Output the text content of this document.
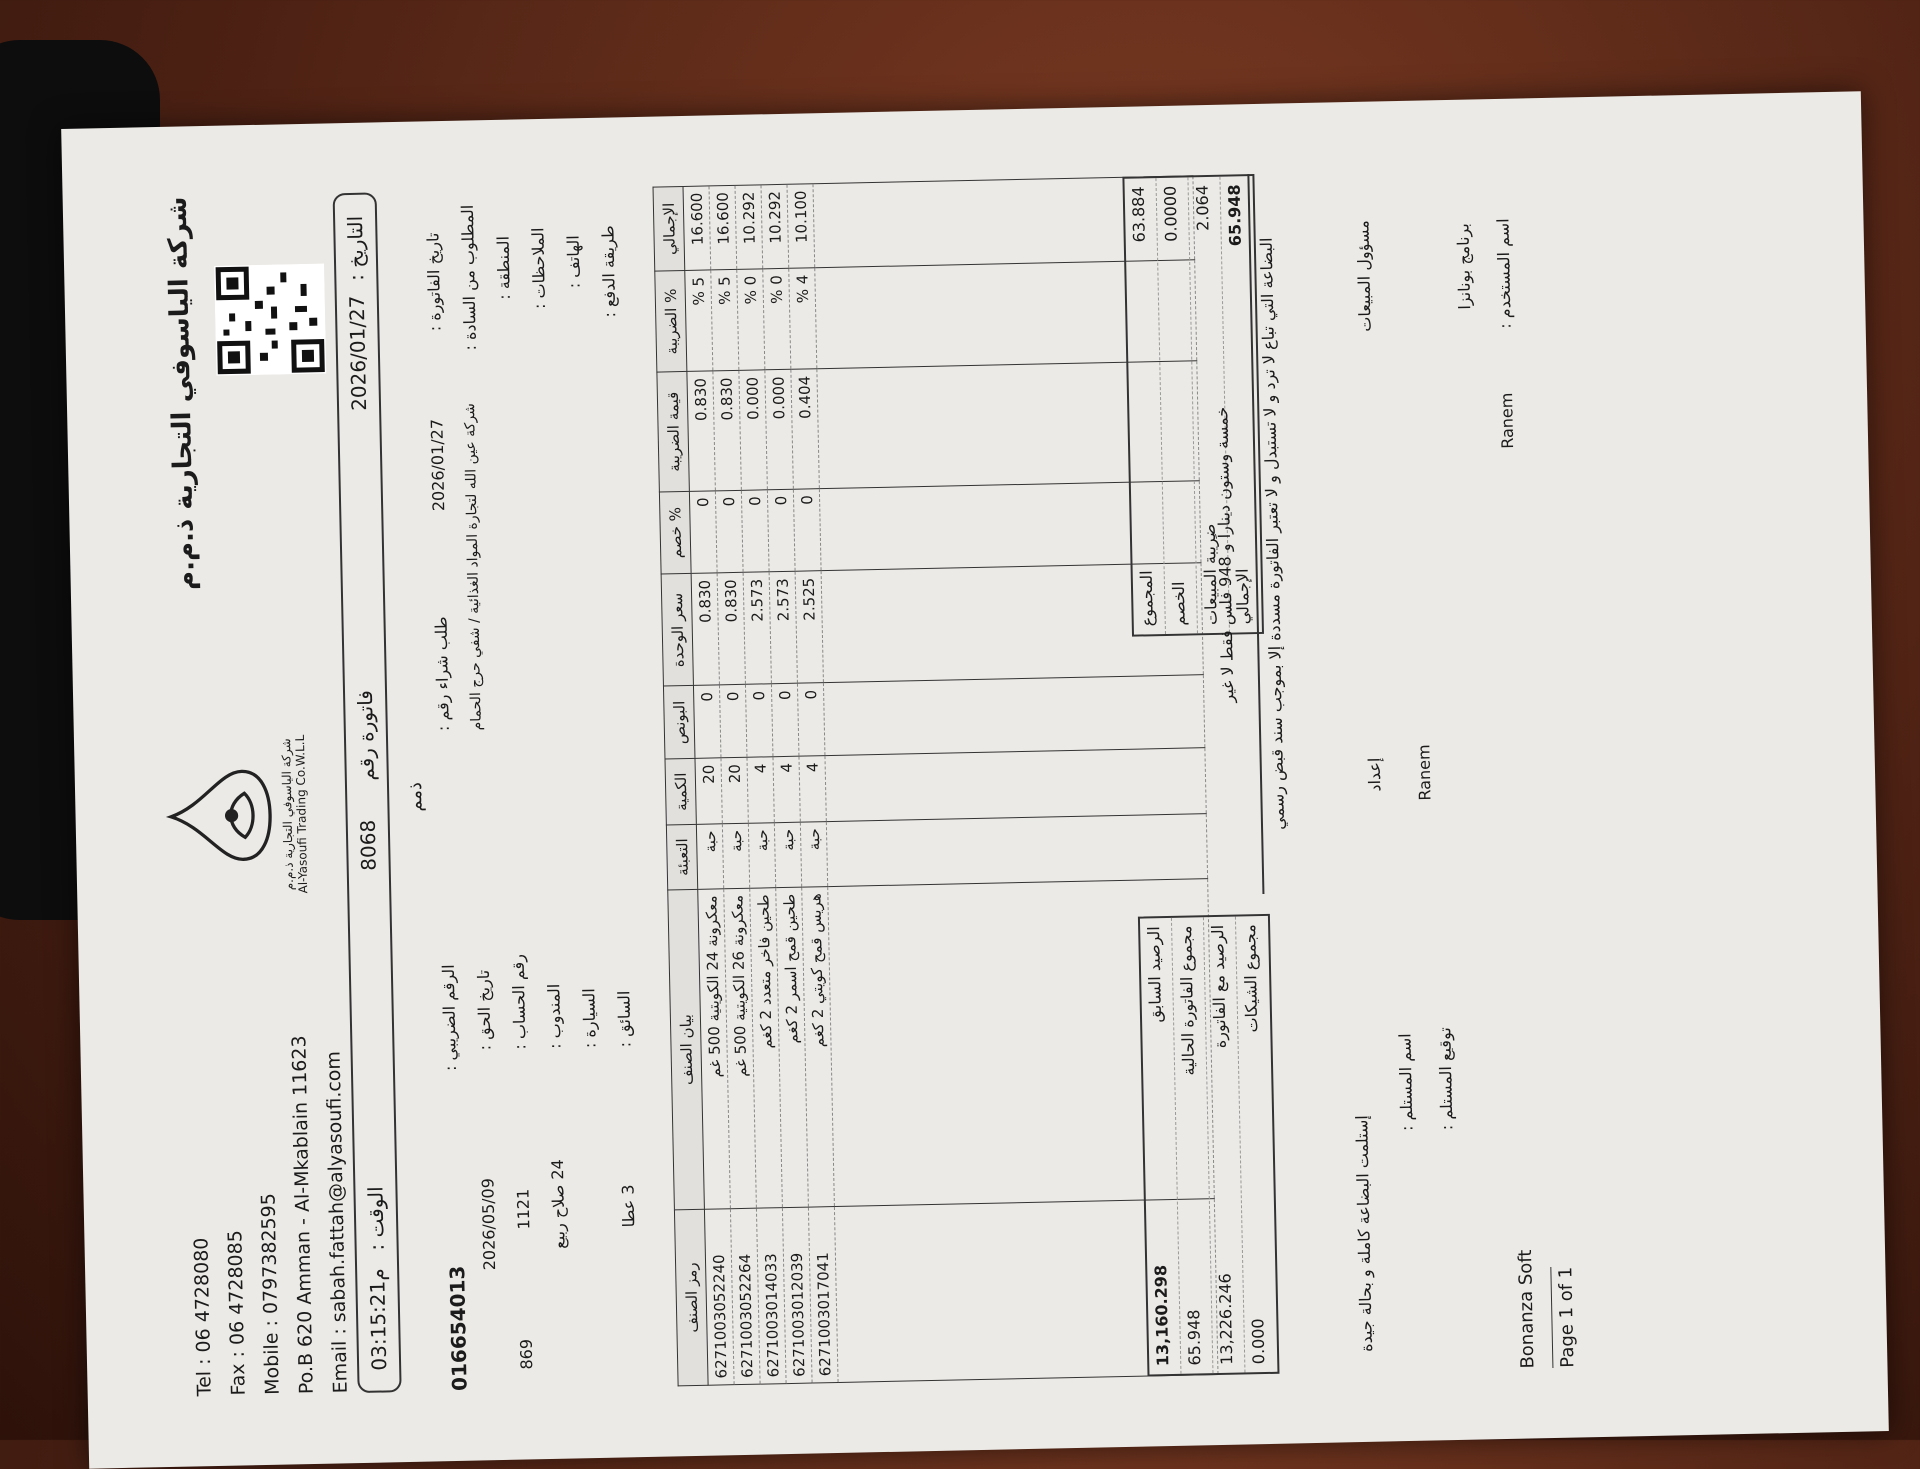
Tel : 06 4728080 Fax : 06 4728085 Mobile : 0797382595 Po.B 620 Amman - Al-Mkablain 11623 Email : sabah.fattah@alyasoufi.com
شركة الياسوفي التجارية ذ.م.م
Al-Yasoufi Trading Co.W.L.L
شركة الياسوفي التجارية ذ.م.م
03:15:21م
الوقت :
8068
فاتورة رقم
2026/01/27
التاريخ :
ذمم
016654013
الرقم الضريبي :
2026/05/09
تاريخ الحق :
869
1121
رقم الحساب :
24 صلاح ربيع
المندوب : السيارة :
3 عطا
السائق :
طلب شراء رقم :
2026/01/27
تاريخ الفاتورة :
شركة عين الله لتجارة المواد الغذائية / شفي حرج الحمام
المطلوب من السادة : المنطقة : الملاحظات : الهاتف : طريقة الدفع :
رمز الصنف	بيان الصنف	التعبئة	الكمية	البونص	سعر الوحدة	خصم %	قيمة الضريبة	الضريبة %	الإجمالي
6271003052240	معكرونة 24 الكويتية 500 غم	حبة	20	0	0.830	0	0.830	% 5	16.600
6271003052264	معكرونة 26 الكويتية 500 غم	حبة	20	0	0.830	0	0.830	% 5	16.600
6271003014033	طحين فاخر متعدد 2 كغم	حبة	4	0	2.573	0	0.000	% 0	10.292
6271003012039	طحين قمح اسمر 2 كغم	حبة	4	0	2.573	0	0.000	% 0	10.292
6271003017041	هريس قمح كويتي 2 كغم	حبة	4	0	2.525	0	0.404	% 4	10.100

13,160.298
الرصيد السابق
65.948
مجموع الفاتورة الحالية
13,226.246
الرصيد مع الفاتورة
0.000
مجموع الشيكات
المجموع
63.884
الخصم
0.0000
ضريبة المبيعات
2.064
الإجمالي
65.948
خمسة وستون ديناراً و 948 فلس فقط لا غير	البضاعة التي تباع لا ترد و لا تستبدل و لا تعتبر الفاتورة مسددة إلا بموجب سند قبض رسمي
إستلمت البضاعة كاملة و بحالة جيدة
اسم المستلم : توقيع المستلم :
إعداد Ranem
مسؤول المبيعات	برنامج بونانزا
Ranem
اسم المستخدم :
Bonanza Soft Page 1 of 1
